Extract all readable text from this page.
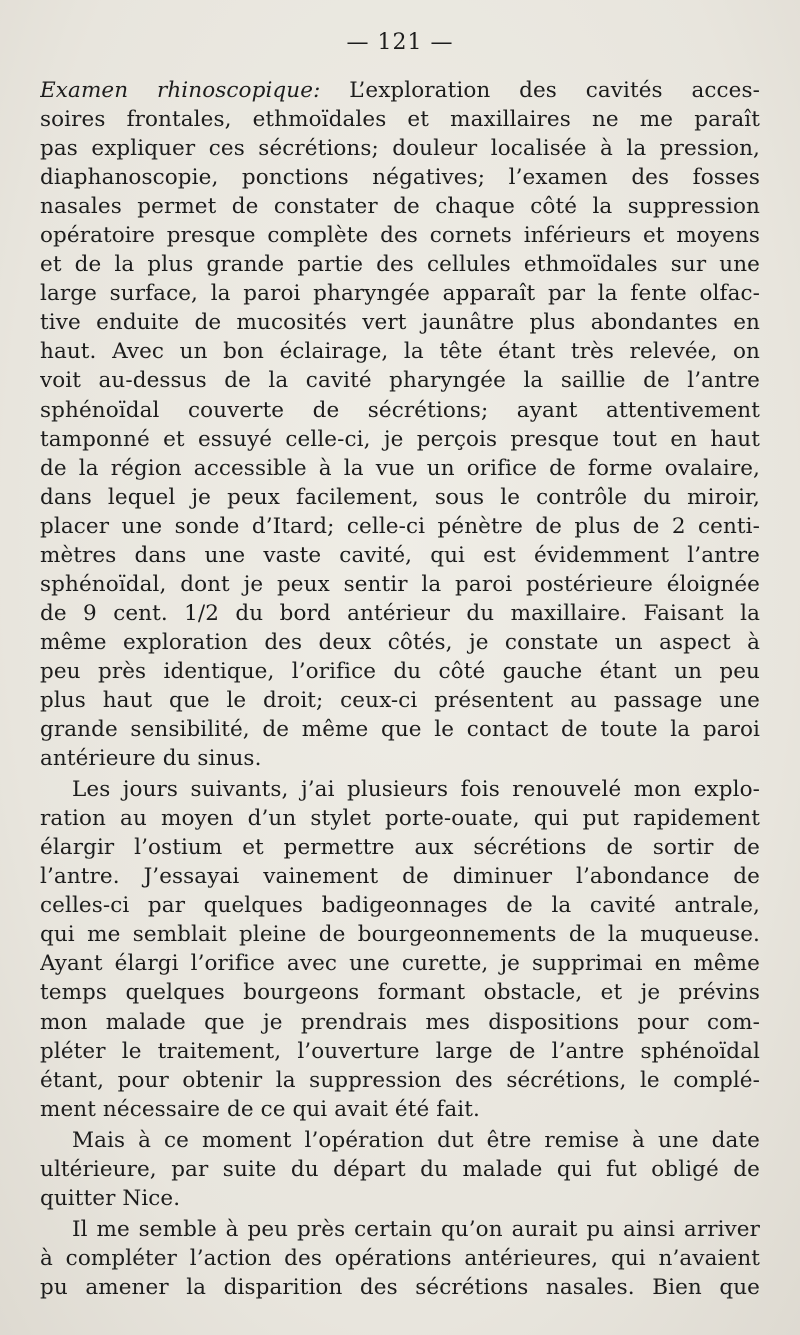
— 121 —
Examen rhinoscopique: L’exploration des cavités acces-
soires frontales, ethmoïdales et maxillaires ne me paraît
pas expliquer ces sécrétions; douleur localisée à la pression,
diaphanoscopie, ponctions négatives; l’examen des fosses
nasales permet de constater de chaque côté la suppression
opératoire presque complète des cornets inférieurs et moyens
et de la plus grande partie des cellules ethmoïdales sur une
large surface, la paroi pharyngée apparaît par la fente olfac-
tive enduite de mucosités vert jaunâtre plus abondantes en
haut. Avec un bon éclairage, la tête étant très relevée, on
voit au-dessus de la cavité pharyngée la saillie de l’antre
sphénoïdal couverte de sécrétions; ayant attentivement
tamponné et essuyé celle-ci, je perçois presque tout en haut
de la région accessible à la vue un orifice de forme ovalaire,
dans lequel je peux facilement, sous le contrôle du miroir,
placer une sonde d’Itard; celle-ci pénètre de plus de 2 centi-
mètres dans une vaste cavité, qui est évidemment l’antre
sphénoïdal, dont je peux sentir la paroi postérieure éloignée
de 9 cent. 1/2 du bord antérieur du maxillaire. Faisant la
même exploration des deux côtés, je constate un aspect à
peu près identique, l’orifice du côté gauche étant un peu
plus haut que le droit; ceux-ci présentent au passage une
grande sensibilité, de même que le contact de toute la paroi
antérieure du sinus.
Les jours suivants, j’ai plusieurs fois renouvelé mon explo-
ration au moyen d’un stylet porte-ouate, qui put rapidement
élargir l’ostium et permettre aux sécrétions de sortir de
l’antre. J’essayai vainement de diminuer l’abondance de
celles-ci par quelques badigeonnages de la cavité antrale,
qui me semblait pleine de bourgeonnements de la muqueuse.
Ayant élargi l’orifice avec une curette, je supprimai en même
temps quelques bourgeons formant obstacle, et je prévins
mon malade que je prendrais mes dispositions pour com-
pléter le traitement, l’ouverture large de l’antre sphénoïdal
étant, pour obtenir la suppression des sécrétions, le complé-
ment nécessaire de ce qui avait été fait.
Mais à ce moment l’opération dut être remise à une date
ultérieure, par suite du départ du malade qui fut obligé de
quitter Nice.
Il me semble à peu près certain qu’on aurait pu ainsi arriver
à compléter l’action des opérations antérieures, qui n’avaient
pu amener la disparition des sécrétions nasales. Bien que
